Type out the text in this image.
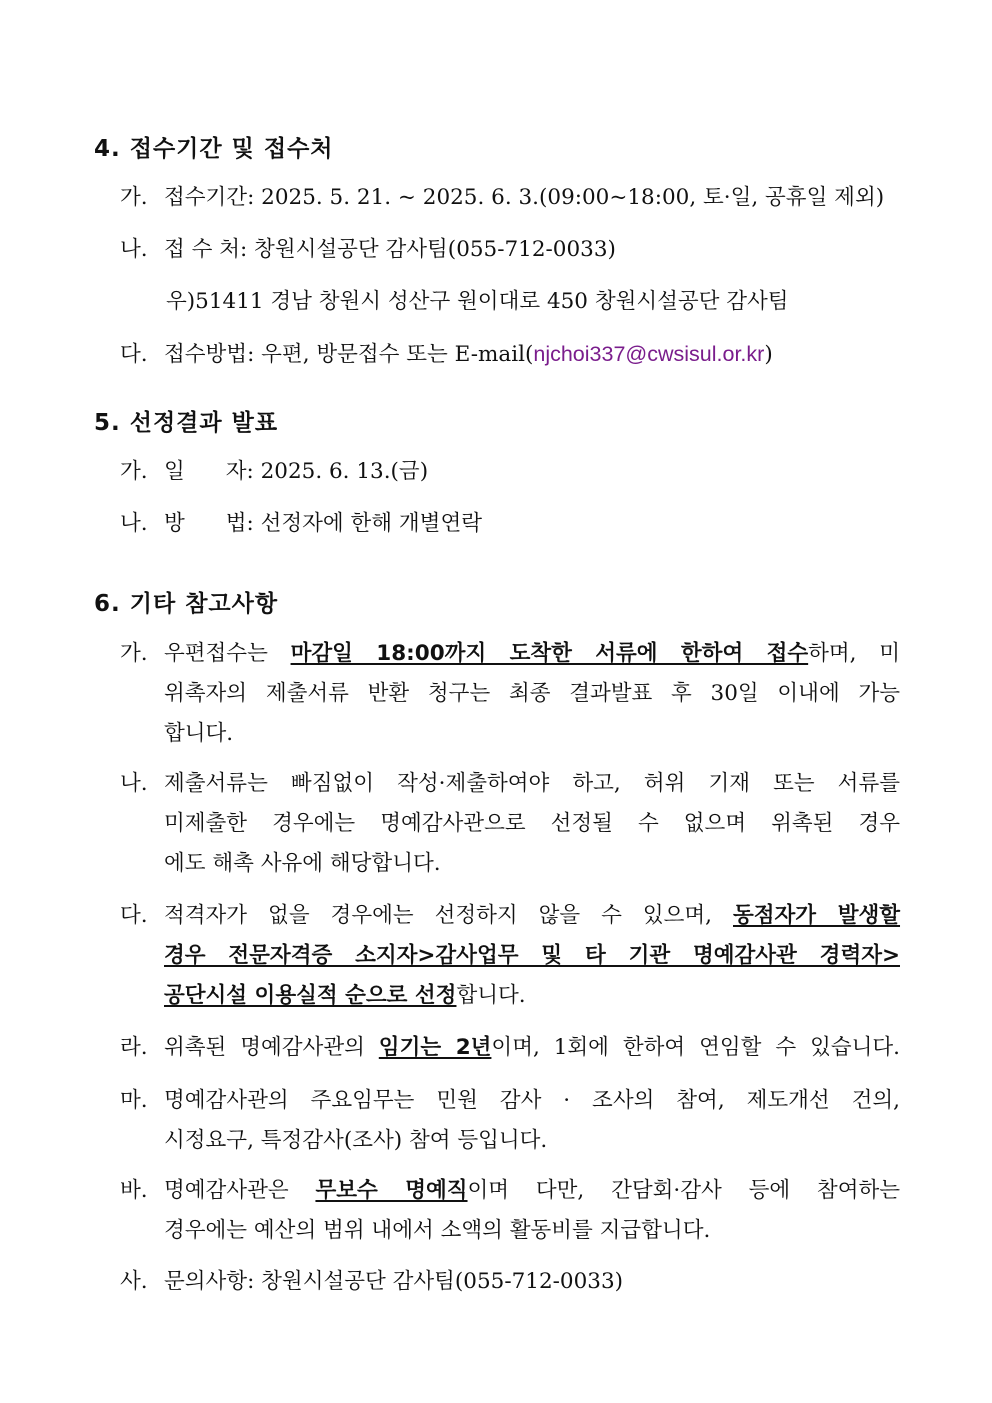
4. 접수기간 및 접수처
가. 접수기간: 2025. 5. 21. ~ 2025. 6. 3.(09:00~18:00, 토·일, 공휴일 제외)
나. 접 수 처: 창원시설공단 감사팀(055-712-0033)
우)51411 경남 창원시 성산구 원이대로 450 창원시설공단 감사팀
다. 접수방법: 우편, 방문접수 또는 E-mail(njchoi337@cwsisul.or.kr)
5. 선정결과 발표
가. 일      자: 2025. 6. 13.(금)
나. 방      법: 선정자에 한해 개별연락
6. 기타 참고사항
가. 우편접수는 마감일 18:00까지 도착한 서류에 한하여 접수하며, 미
위촉자의 제출서류 반환 청구는 최종 결과발표 후 30일 이내에 가능
합니다.
나. 제출서류는 빠짐없이 작성·제출하여야 하고, 허위 기재 또는 서류를
미제출한 경우에는 명예감사관으로 선정될 수 없으며 위촉된 경우
에도 해촉 사유에 해당합니다.
다. 적격자가 없을 경우에는 선정하지 않을 수 있으며, 동점자가 발생할
경우 전문자격증 소지자>감사업무 및 타 기관 명예감사관 경력자>
공단시설 이용실적 순으로 선정합니다.
라. 위촉된 명예감사관의 임기는 2년이며, 1회에 한하여 연임할 수 있습니다.
마. 명예감사관의 주요임무는 민원 감사 · 조사의 참여, 제도개선 건의,
시정요구, 특정감사(조사) 참여 등입니다.
바. 명예감사관은 무보수 명예직이며 다만, 간담회·감사 등에 참여하는
경우에는 예산의 범위 내에서 소액의 활동비를 지급합니다.
사. 문의사항: 창원시설공단 감사팀(055-712-0033)
